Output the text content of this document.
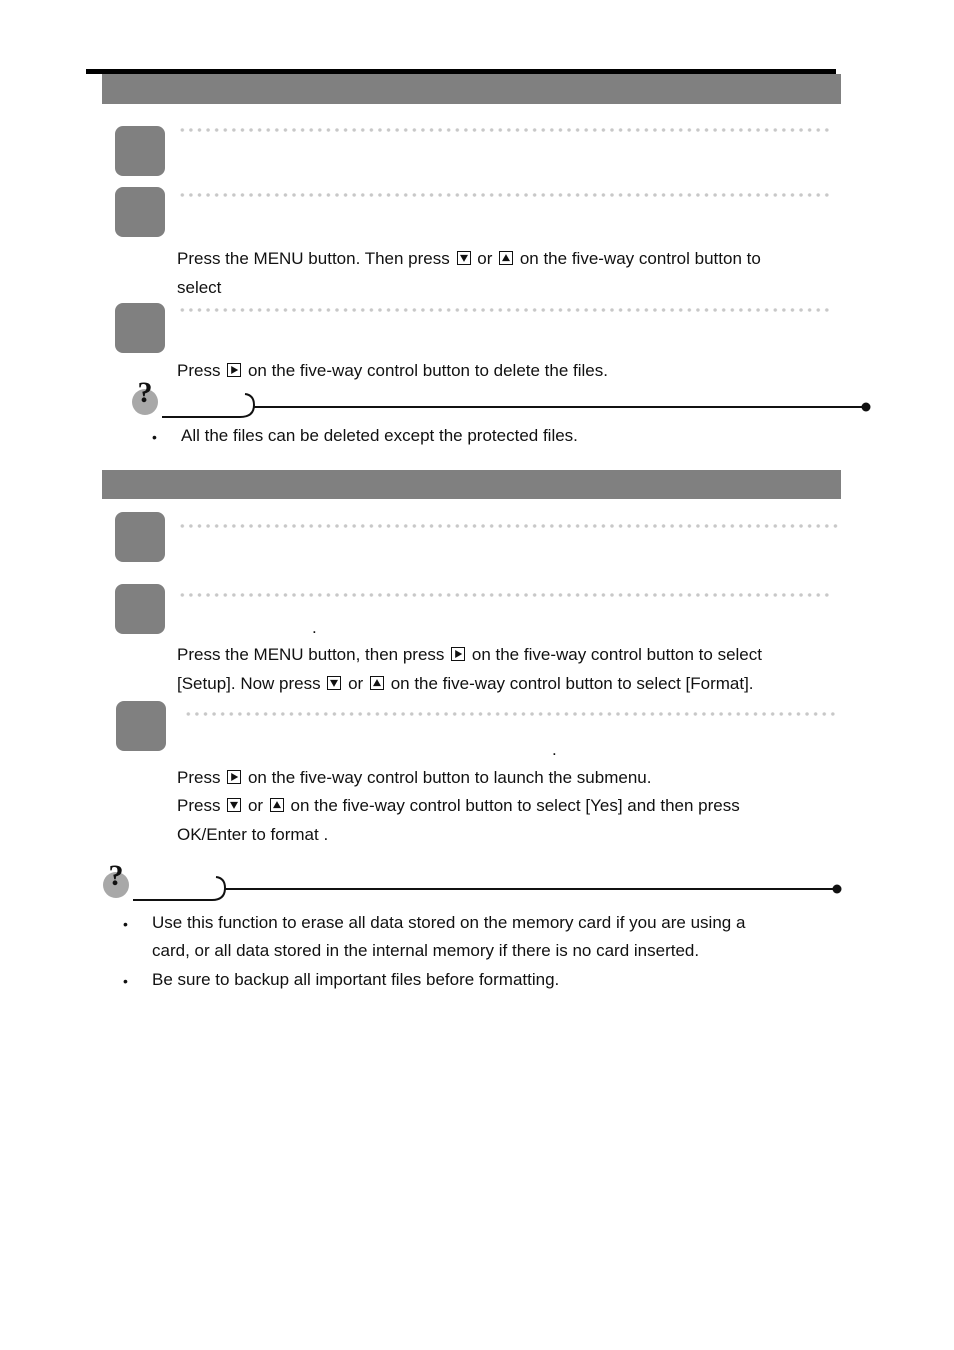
Press the MENU button. Then press or on the five-way control button to
select
Press on the five-way control button to delete the files.
?
• All the files can be deleted except the protected files.
.
Press the MENU button, then press on the five-way control button to select
[Setup]. Now press or on the five-way control button to select [Format].
.
Press on the five-way control button to launch the submenu.
Press or on the five-way control button to select [Yes] and then press
OK/Enter to format .
?
• Use this function to erase all data stored on the memory card if you are using a
card, or all data stored in the internal memory if there is no card inserted.
• Be sure to backup all important files before formatting.
